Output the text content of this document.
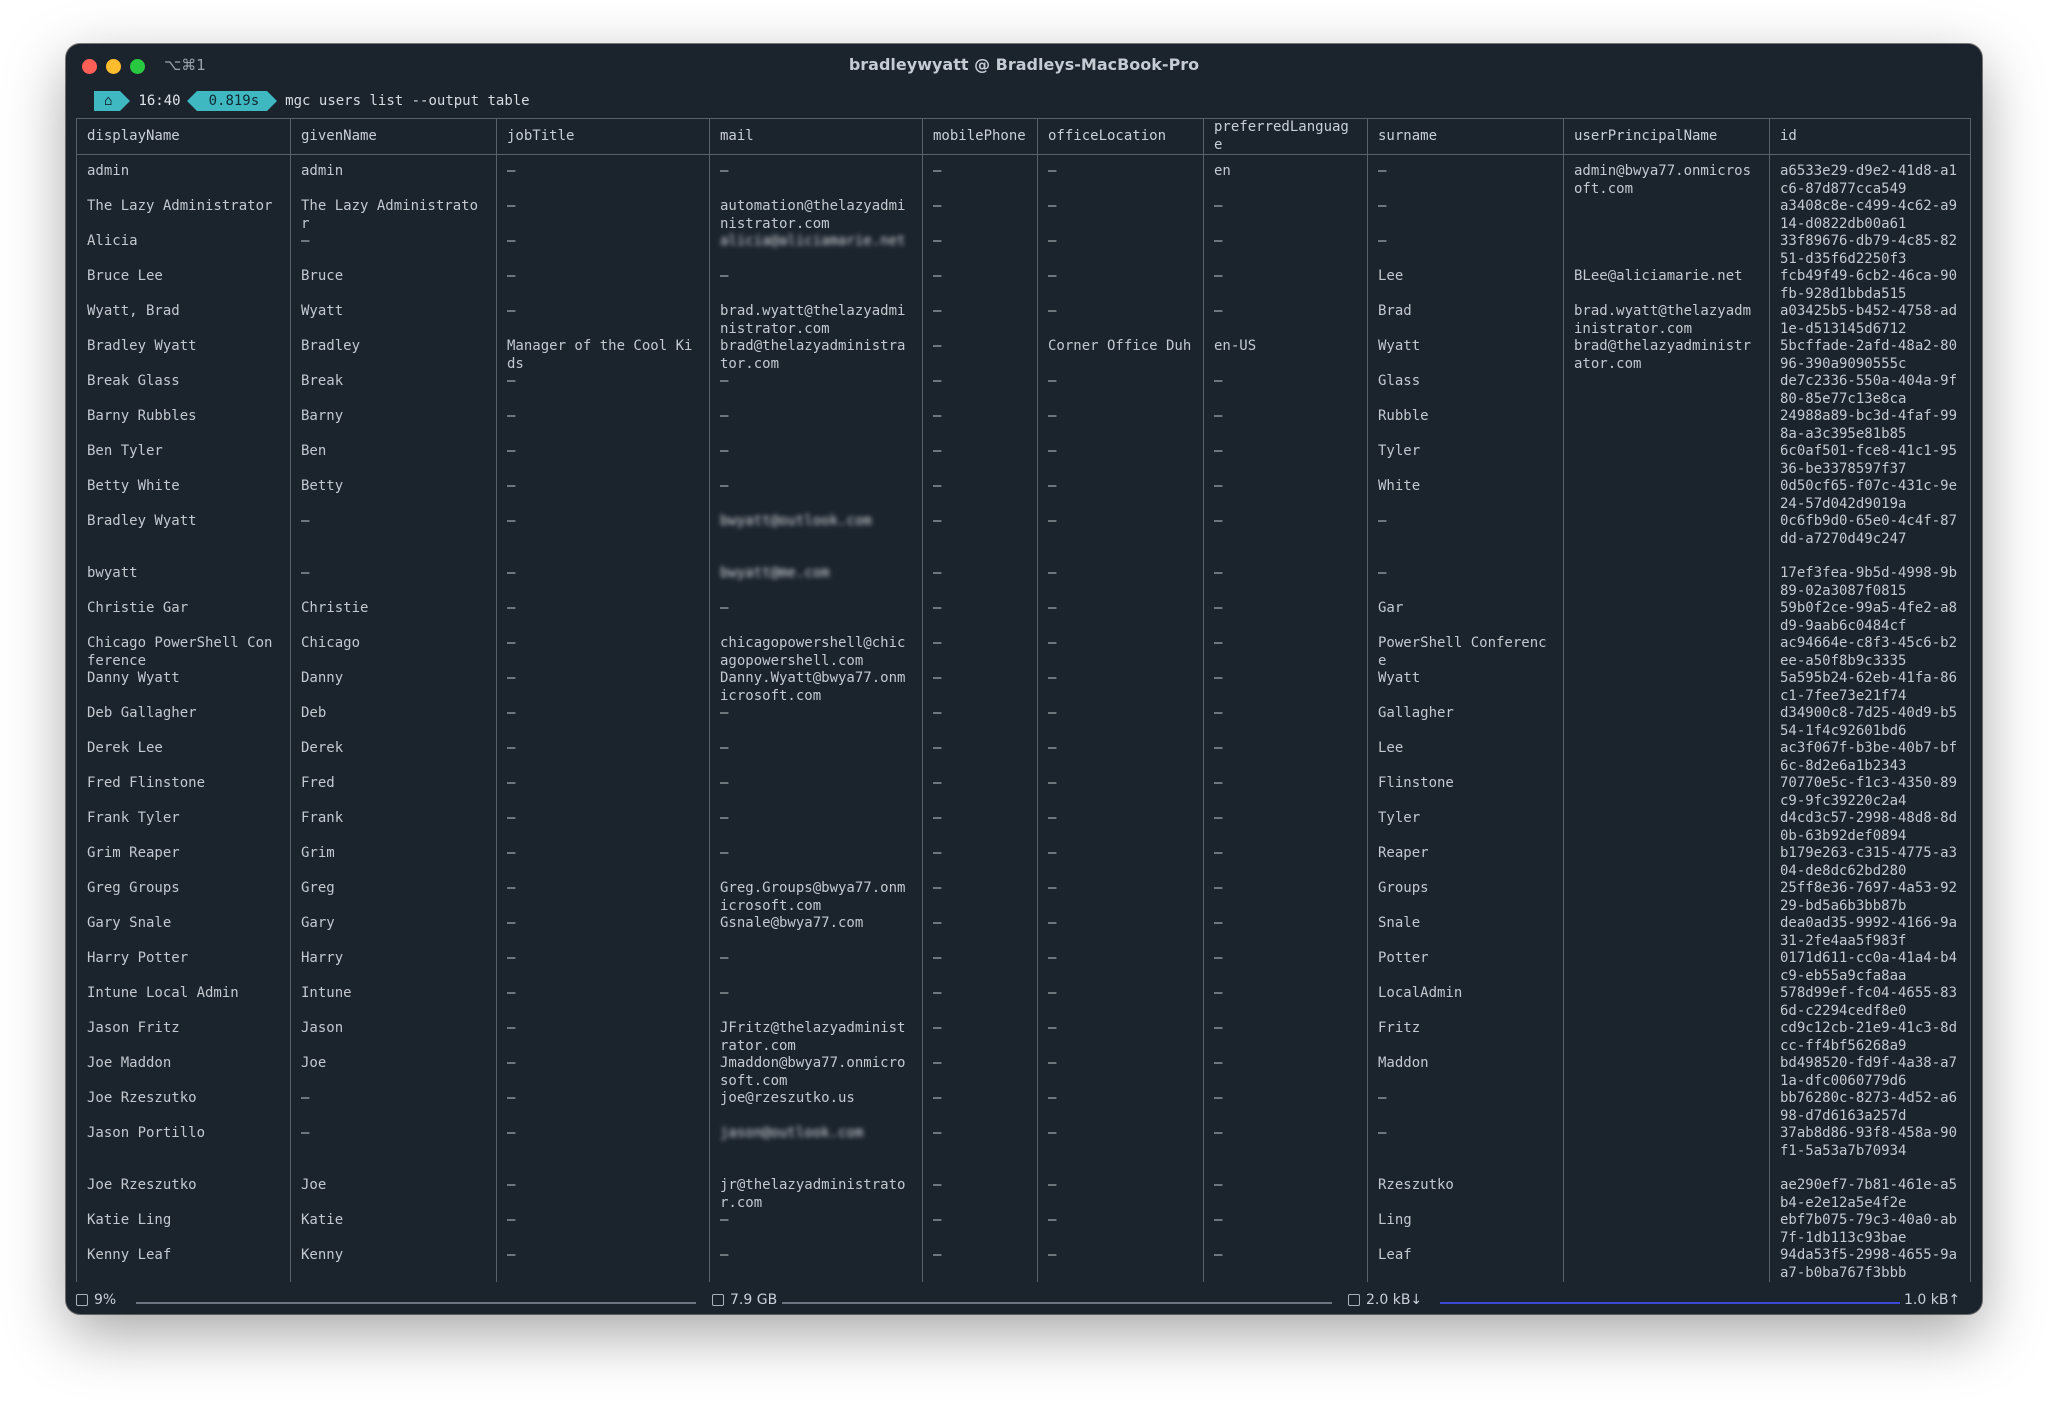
⌥⌘1	bradleywyatt @ Bradleys-MacBook-Pro
⌂	16:40	0.819s	mgc users list --output table
displayName	givenName	jobTitle	mail	mobilePhone	officeLocation	preferredLanguage	surname	userPrincipalName	id

admin	admin	–	–	–	–	en	–	admin@bwya77.onmicrosoft.com	a6533e29-d9e2-41d8-a1c6-87d877cca549
The Lazy Administrator	The Lazy Administrator	–	automation@thelazyadministrator.com	–	–	–	–		a3408c8e-c499-4c62-a914-d0822db00a61
Alicia	–	–	alicia@aliciamarie.net	–	–	–	–		33f89676-db79-4c85-8251-d35f6d2250f3
Bruce Lee	Bruce	–	–	–	–	–	Lee	BLee@aliciamarie.net	fcb49f49-6cb2-46ca-90fb-928d1bbda515
Wyatt, Brad	Wyatt	–	brad.wyatt@thelazyadministrator.com	–	–	–	Brad	brad.wyatt@thelazyadministrator.com	a03425b5-b452-4758-ad1e-d513145d6712
Bradley Wyatt	Bradley	Manager of the Cool Kids	brad@thelazyadministrator.com	–	Corner Office Duh	en-US	Wyatt	brad@thelazyadministrator.com	5bcffade-2afd-48a2-8096-390a9090555c
Break Glass	Break	–	–	–	–	–	Glass		de7c2336-550a-404a-9f80-85e77c13e8ca
Barny Rubbles	Barny	–	–	–	–	–	Rubble		24988a89-bc3d-4faf-998a-a3c395e81b85
Ben Tyler	Ben	–	–	–	–	–	Tyler		6c0af501-fce8-41c1-9536-be3378597f37
Betty White	Betty	–	–	–	–	–	White		0d50cf65-f07c-431c-9e24-57d042d9019a
Bradley Wyatt	–	–	bwyatt@outlook.com	–	–	–	–		0c6fb9d0-65e0-4c4f-87dd-a7270d49c247
bwyatt	–	–	bwyatt@me.com	–	–	–	–		17ef3fea-9b5d-4998-9b89-02a3087f0815
Christie Gar	Christie	–	–	–	–	–	Gar		59b0f2ce-99a5-4fe2-a8d9-9aab6c0484cf
Chicago PowerShell Conference	Chicago	–	chicagopowershell@chicagopowershell.com	–	–	–	PowerShell Conference		ac94664e-c8f3-45c6-b2ee-a50f8b9c3335
Danny Wyatt	Danny	–	Danny.Wyatt@bwya77.onmicrosoft.com	–	–	–	Wyatt		5a595b24-62eb-41fa-86c1-7fee73e21f74
Deb Gallagher	Deb	–	–	–	–	–	Gallagher		d34900c8-7d25-40d9-b554-1f4c92601bd6
Derek Lee	Derek	–	–	–	–	–	Lee		ac3f067f-b3be-40b7-bf6c-8d2e6a1b2343
Fred Flinstone	Fred	–	–	–	–	–	Flinstone		70770e5c-f1c3-4350-89c9-9fc39220c2a4
Frank Tyler	Frank	–	–	–	–	–	Tyler		d4cd3c57-2998-48d8-8d0b-63b92def0894
Grim Reaper	Grim	–	–	–	–	–	Reaper		b179e263-c315-4775-a304-de8dc62bd280
Greg Groups	Greg	–	Greg.Groups@bwya77.onmicrosoft.com	–	–	–	Groups		25ff8e36-7697-4a53-9229-bd5a6b3bb87b
Gary Snale	Gary	–	Gsnale@bwya77.com	–	–	–	Snale		dea0ad35-9992-4166-9a31-2fe4aa5f983f
Harry Potter	Harry	–	–	–	–	–	Potter		0171d611-cc0a-41a4-b4c9-eb55a9cfa8aa
Intune Local Admin	Intune	–	–	–	–	–	LocalAdmin		578d99ef-fc04-4655-836d-c2294cedf8e0
Jason Fritz	Jason	–	JFritz@thelazyadministrator.com	–	–	–	Fritz		cd9c12cb-21e9-41c3-8dcc-ff4bf56268a9
Joe Maddon	Joe	–	Jmaddon@bwya77.onmicrosoft.com	–	–	–	Maddon		bd498520-fd9f-4a38-a71a-dfc0060779d6
Joe Rzeszutko	–	–	joe@rzeszutko.us	–	–	–	–		bb76280c-8273-4d52-a698-d7d6163a257d
Jason Portillo	–	–	jason@outlook.com	–	–	–	–		37ab8d86-93f8-458a-90f1-5a53a7b70934
Joe Rzeszutko	Joe	–	jr@thelazyadministrator.com	–	–	–	Rzeszutko		ae290ef7-7b81-461e-a5b4-e2e12a5e4f2e
Katie Ling	Katie	–	–	–	–	–	Ling		ebf7b075-79c3-40a0-ab7f-1db113c93bae
Kenny Leaf	Kenny	–	–	–	–	–	Leaf		94da53f5-2998-4655-9aa7-b0ba767f3bbb
9%	7.9 GB	2.0 kB↓	1.0 kB↑
